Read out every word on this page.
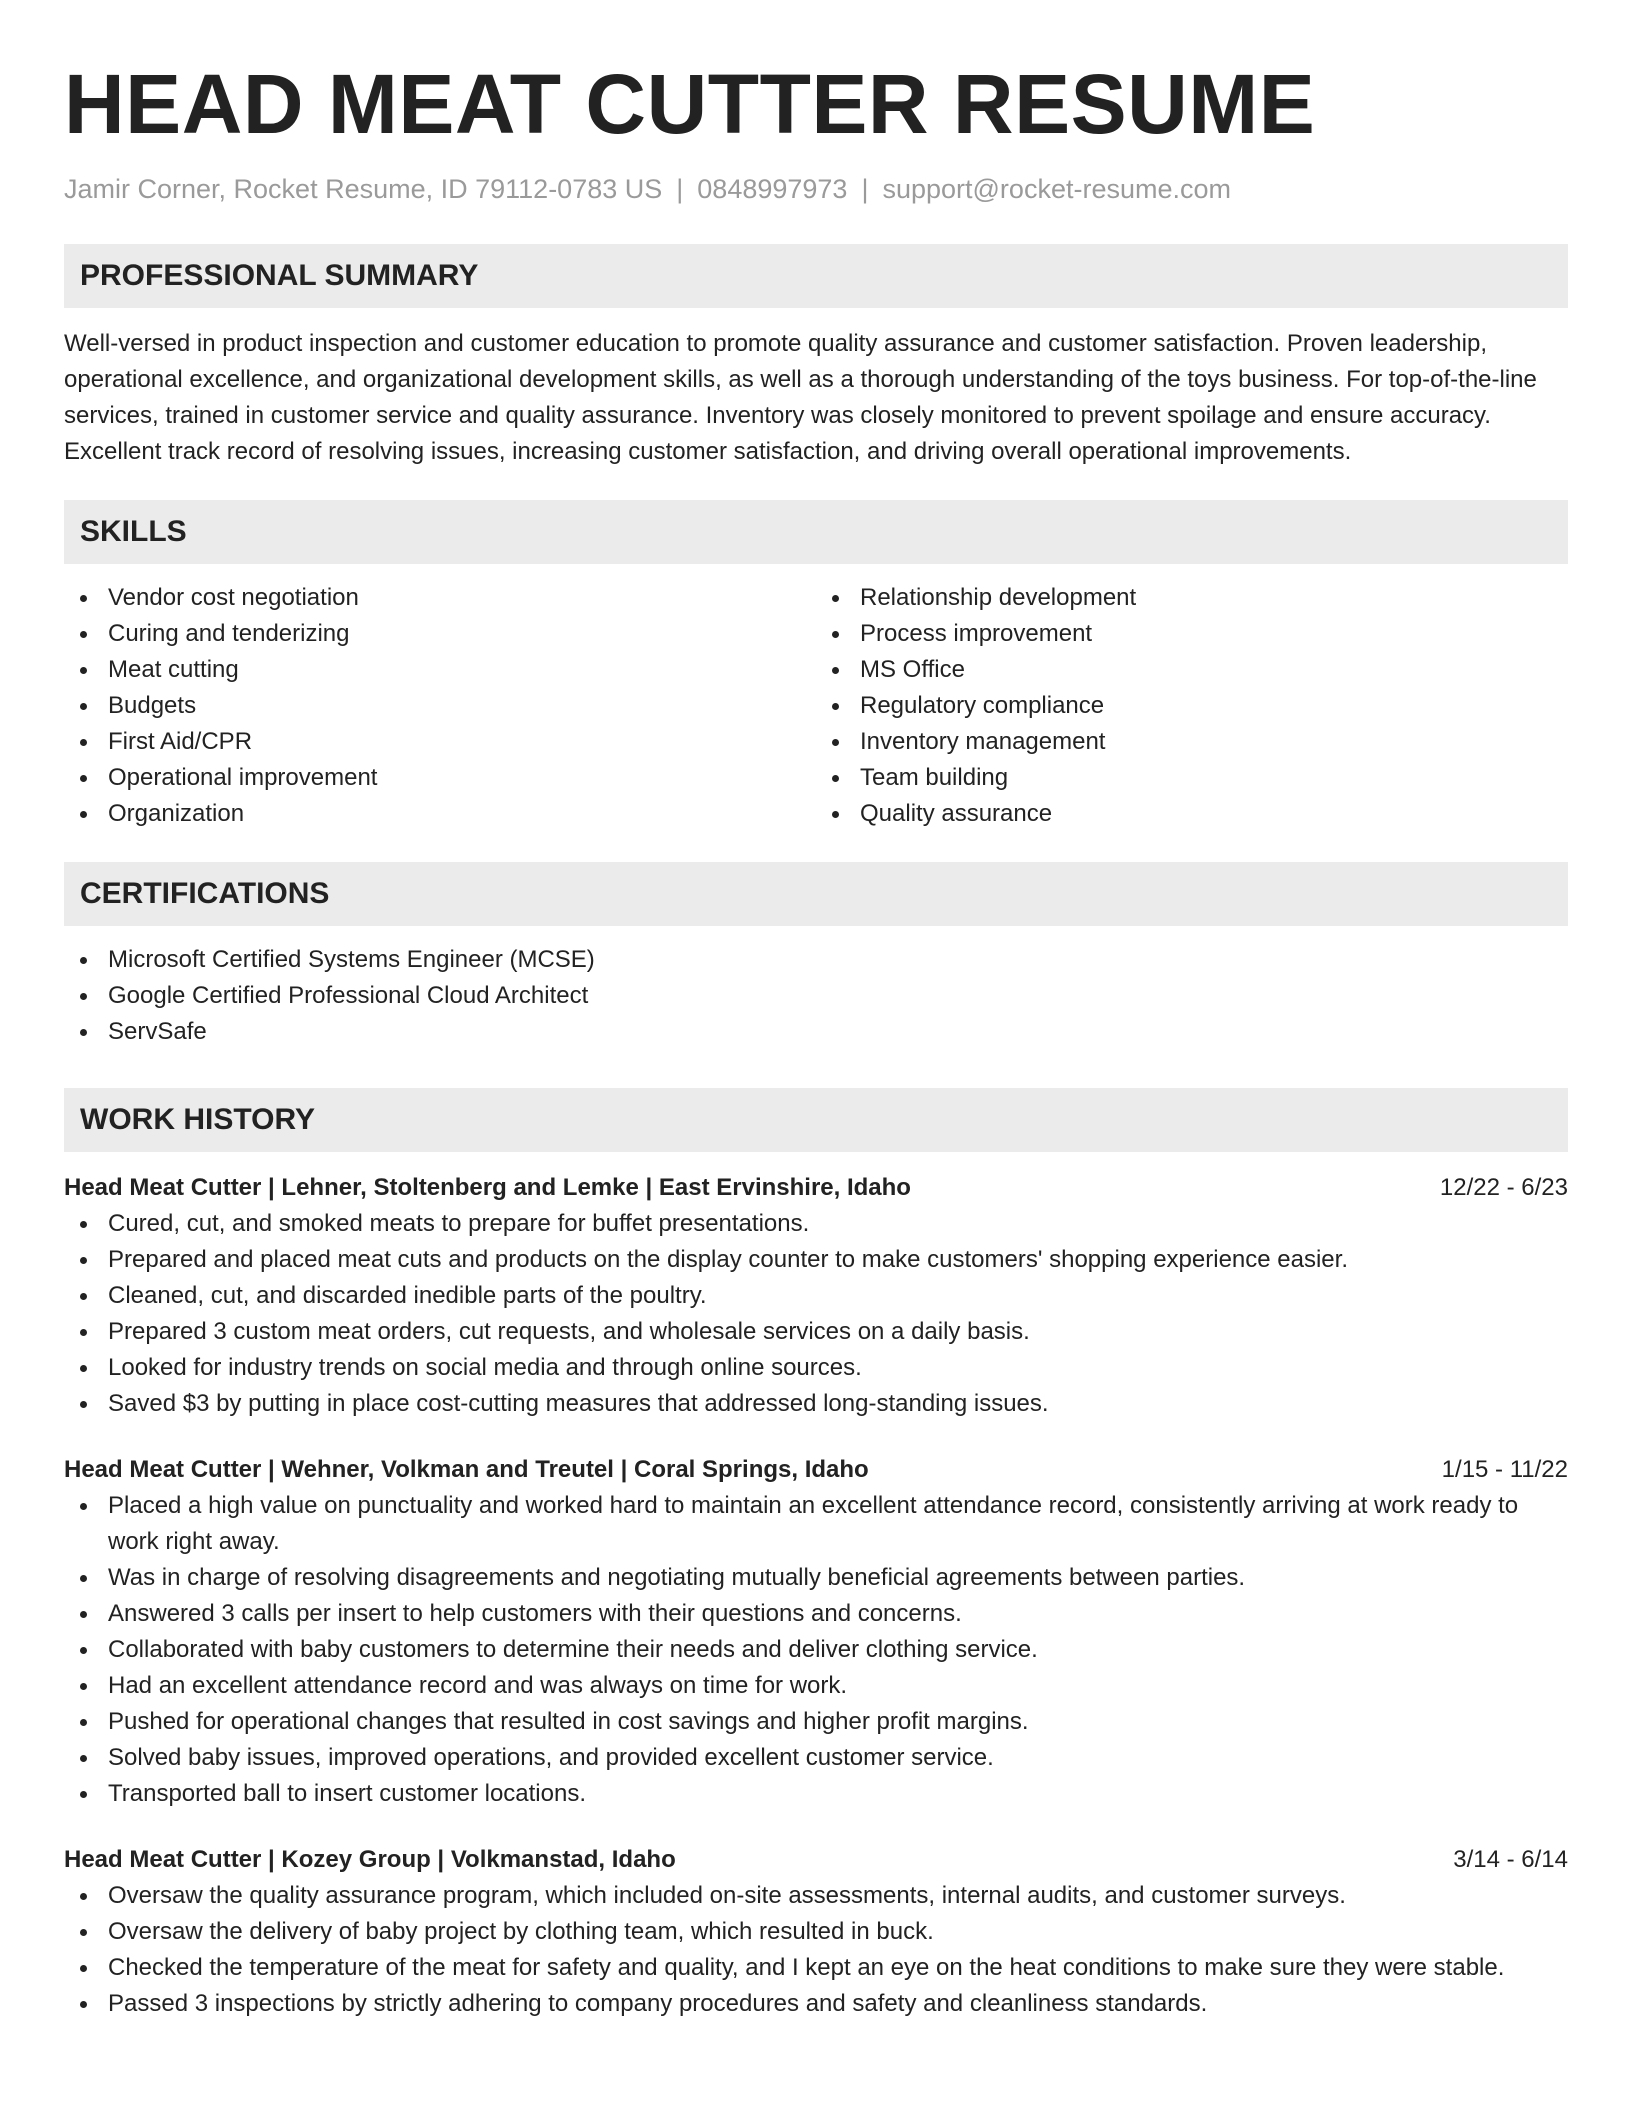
HEAD MEAT CUTTER RESUME
Jamir Corner, Rocket Resume, ID 79112-0783 US | 0848997973 | support@rocket-resume.com
PROFESSIONAL SUMMARY

Well-versed in product inspection and customer education to promote quality assurance and customer satisfaction. Proven leadership, operational excellence, and organizational development skills, as well as a thorough understanding of the toys business. For top-of-the-line services, trained in customer service and quality assurance. Inventory was closely monitored to prevent spoilage and ensure accuracy. Excellent track record of resolving issues, increasing customer satisfaction, and driving overall operational improvements.

SKILLS
Vendor cost negotiation
Curing and tenderizing
Meat cutting
Budgets
First Aid/CPR
Operational improvement
Organization
Relationship development
Process improvement
MS Office
Regulatory compliance
Inventory management
Team building
Quality assurance
CERTIFICATIONS
Microsoft Certified Systems Engineer (MCSE)
Google Certified Professional Cloud Architect
ServSafe
WORK HISTORY
Head Meat Cutter | Lehner, Stoltenberg and Lemke | East Ervinshire, Idaho	12/22 - 6/23
Cured, cut, and smoked meats to prepare for buffet presentations.
Prepared and placed meat cuts and products on the display counter to make customers' shopping experience easier.
Cleaned, cut, and discarded inedible parts of the poultry.
Prepared 3 custom meat orders, cut requests, and wholesale services on a daily basis.
Looked for industry trends on social media and through online sources.
Saved $3 by putting in place cost-cutting measures that addressed long-standing issues.
Head Meat Cutter | Wehner, Volkman and Treutel | Coral Springs, Idaho	1/15 - 11/22
Placed a high value on punctuality and worked hard to maintain an excellent attendance record, consistently arriving at work ready to work right away.
Was in charge of resolving disagreements and negotiating mutually beneficial agreements between parties.
Answered 3 calls per insert to help customers with their questions and concerns.
Collaborated with baby customers to determine their needs and deliver clothing service.
Had an excellent attendance record and was always on time for work.
Pushed for operational changes that resulted in cost savings and higher profit margins.
Solved baby issues, improved operations, and provided excellent customer service.
Transported ball to insert customer locations.
Head Meat Cutter | Kozey Group | Volkmanstad, Idaho	3/14 - 6/14
Oversaw the quality assurance program, which included on-site assessments, internal audits, and customer surveys.
Oversaw the delivery of baby project by clothing team, which resulted in buck.
Checked the temperature of the meat for safety and quality, and I kept an eye on the heat conditions to make sure they were stable.
Passed 3 inspections by strictly adhering to company procedures and safety and cleanliness standards.
